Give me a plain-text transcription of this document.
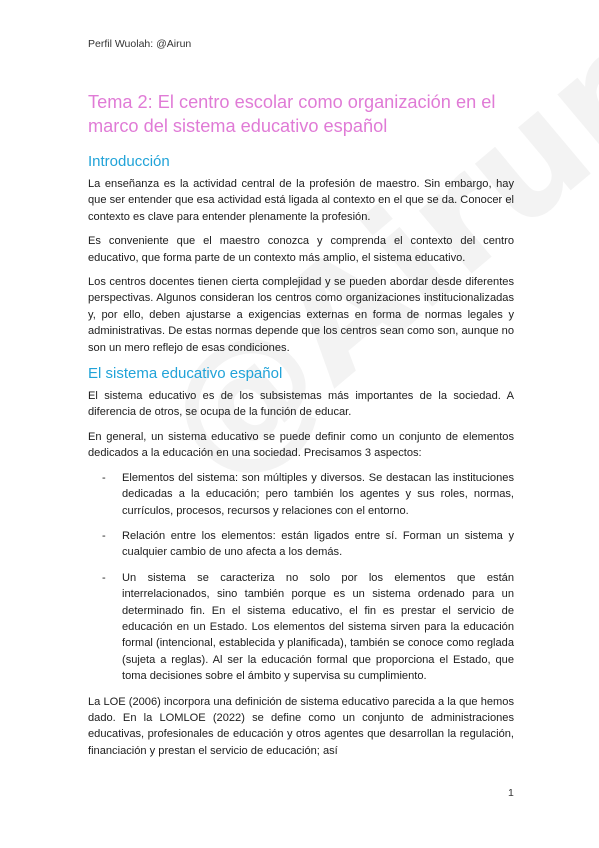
Perfil Wuolah: @Airun
Tema 2: El centro escolar como organización en el marco del sistema educativo español
Introducción

La enseñanza es la actividad central de la profesión de maestro. Sin embargo, hay que ser entender que esa actividad está ligada al contexto en el que se da. Conocer el contexto es clave para entender plenamente la profesión.

Es conveniente que el maestro conozca y comprenda el contexto del centro educativo, que forma parte de un contexto más amplio, el sistema educativo.

Los centros docentes tienen cierta complejidad y se pueden abordar desde diferentes perspectivas. Algunos consideran los centros como organizaciones institucionalizadas y, por ello, deben ajustarse a exigencias externas en forma de normas legales y administrativas. De estas normas depende que los centros sean como son, aunque no son un mero reflejo de esas condiciones.

El sistema educativo español

El sistema educativo es de los subsistemas más importantes de la sociedad. A diferencia de otros, se ocupa de la función de educar.

En general, un sistema educativo se puede definir como un conjunto de elementos dedicados a la educación en una sociedad. Precisamos 3 aspectos:

- Elementos del sistema: son múltiples y diversos. Se destacan las instituciones dedicadas a la educación; pero también los agentes y sus roles, normas, currículos, procesos, recursos y relaciones con el entorno.
- Relación entre los elementos: están ligados entre sí. Forman un sistema y cualquier cambio de uno afecta a los demás.
- Un sistema se caracteriza no solo por los elementos que están interrelacionados, sino también porque es un sistema ordenado para un determinado fin. En el sistema educativo, el fin es prestar el servicio de educación en un Estado. Los elementos del sistema sirven para la educación formal (intencional, establecida y planificada), también se conoce como reglada (sujeta a reglas). Al ser la educación formal que proporciona el Estado, que toma decisiones sobre el ámbito y supervisa su cumplimiento.

La LOE (2006) incorpora una definición de sistema educativo parecida a la que hemos dado. En la LOMLOE (2022) se define como un conjunto de administraciones educativas, profesionales de educación y otros agentes que desarrollan la regulación, financiación y prestan el servicio de educación; así

1
